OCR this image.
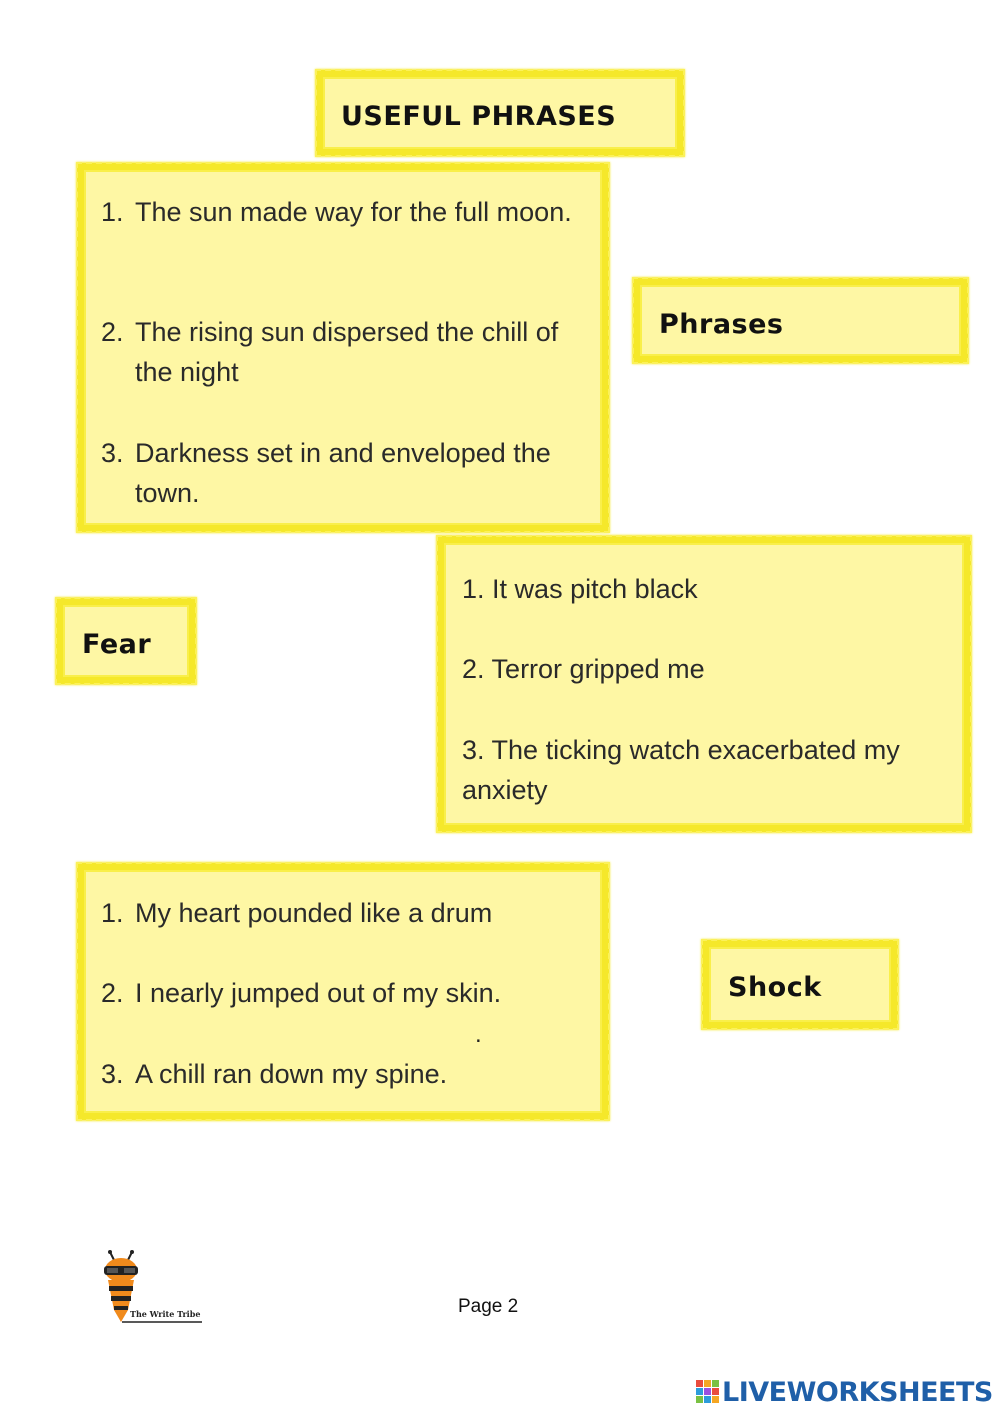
USEFUL PHRASES
1. The sun made way for the full moon.
2. The rising sun dispersed the chill of the night
3. Darkness set in and enveloped the town.
Phrases
Fear
1. It was pitch black
2. Terror gripped me
3. The ticking watch exacerbated my anxiety
1. My heart pounded like a drum
2. I nearly jumped out of my skin.
.
3. A chill ran down my spine.
Shock
The Write Tribe	Page 2
LIVEWORKSHEETS
